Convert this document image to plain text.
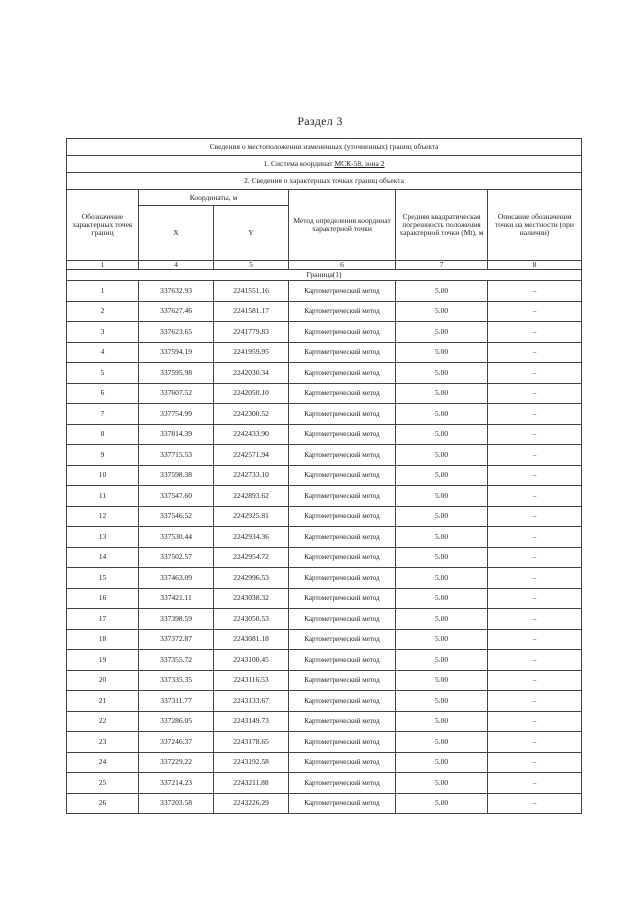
Раздел 3
Сведения о местоположении измененных (уточненных) границ объекта					
1. Система координат МСК-58, зона 2					
2. Сведения о характерных точках границ объекта					
Обозначение характерных точек границ	Координаты, м		Метод определения координат характерной точки	Средняя квадратическая погрешность положения характерной точки (Mt), м	Описание обозначения точки на местности (при наличии)
	X	Y			
1	4	5	6	7	8
Граница(1)					
1	337632.93	2241551.16	Картометрический метод	5.00	–
2	337627.46	2241581.17	Картометрический метод	5.00	–
3	337623.65	2241779.83	Картометрический метод	5.00	–
4	337594.19	2241959.95	Картометрический метод	5.00	–
5	337595.98	2242030.34	Картометрический метод	5.00	–
6	337607.52	2242050.10	Картометрический метод	5.00	–
7	337754.99	2242300.52	Картометрический метод	5.00	–
8	337814.39	2242433.90	Картометрический метод	5.00	–
9	337715.53	2242571.94	Картометрический метод	5.00	–
10	337598.38	2242733.10	Картометрический метод	5.00	–
11	337547.60	2242893.62	Картометрический метод	5.00	–
12	337546.52	2242925.81	Картометрический метод	5.00	–
13	337530.44	2242934.36	Картометрический метод	5.00	–
14	337502.57	2242954.72	Картометрический метод	5.00	–
15	337463.09	2242996.53	Картометрический метод	5.00	–
16	337421.11	2243038.32	Картометрический метод	5.00	–
17	337398.59	2243050.53	Картометрический метод	5.00	–
18	337372.87	2243081.18	Картометрический метод	5.00	–
19	337355.72	2243100.45	Картометрический метод	5.00	–
20	337335.35	2243116.53	Картометрический метод	5.00	–
21	337311.77	2243133.67	Картометрический метод	5.00	–
22	337286.05	2243149.73	Картометрический метод	5.00	–
23	337246.37	2243178.65	Картометрический метод	5.00	–
24	337229.22	2243192.58	Картометрический метод	5.00	–
25	337214.23	2243211.88	Картометрический метод	5.00	–
26	337203.58	2243226.29	Картометрический метод	5.00	–
